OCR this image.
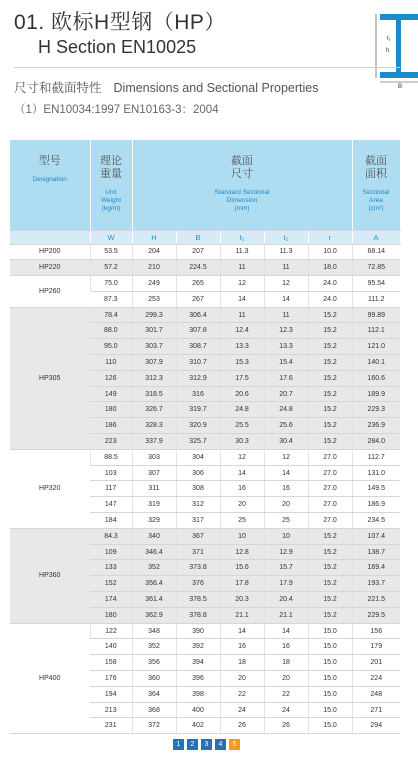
01. 欧标H型钢（HP）
H Section EN10025	t₁
h
B
尺寸和截面特性 Dimensions and Sectional Properties
（1）EN10034:1997 EN10163-3：2004
型号
Designation	理论
重量
Unit
Weight
(kg/m)	截面
尺寸
Standard Sectional
Dimension
(mm)					截面
面积
Sectional
Area
(cm²)

	W	H	B	t₁	t₂	r	A
HP200	53.5	204	207	11.3	11.3	10.0	68.14
HP220	57.2	210	224.5	11	11	18.0	72.85
HP260	75.0	249	265	12	12	24.0	95.54
	87.3	253	267	14	14	24.0	111.2
HP305	78.4	299.3	306.4	11	11	15.2	99.89
	88.0	301.7	307.8	12.4	12.3	15.2	112.1
	95.0	303.7	308.7	13.3	13.3	15.2	121.0
	110	307.9	310.7	15.3	15.4	15.2	140.1
	126	312.3	312.9	17.5	17.6	15.2	160.6
	149	318.5	316	20.6	20.7	15.2	189.9
	180	326.7	319.7	24.8	24.8	15.2	229.3
	186	328.3	320.9	25.5	25.6	15.2	236.9
	223	337.9	325.7	30.3	30.4	15.2	284.0
HP320	88.5	303	304	12	12	27.0	112.7
	103	307	306	14	14	27.0	131.0
	117	311	308	16	16	27.0	149.5
	147	319	312	20	20	27.0	186.9
	184	329	317	25	25	27.0	234.5
HP360	84.3	340	367	10	10	15.2	107.4
	109	346.4	371	12.8	12.9	15.2	138.7
	133	352	373.8	15.6	15.7	15.2	169.4
	152	356.4	376	17.8	17.9	15.2	193.7
	174	361.4	378.5	20.3	20.4	15.2	221.5
	180	362.9	378.8	21.1	21.1	15.2	229.5
HP400	122	348	390	14	14	15.0	156
	140	352	392	16	16	15.0	179
	158	356	394	18	18	15.0	201
	176	360	396	20	20	15.0	224
	194	364	398	22	22	15.0	248
	213	368	400	24	24	15.0	271
	231	372	402	26	26	15.0	294
1	2	3	4	5
